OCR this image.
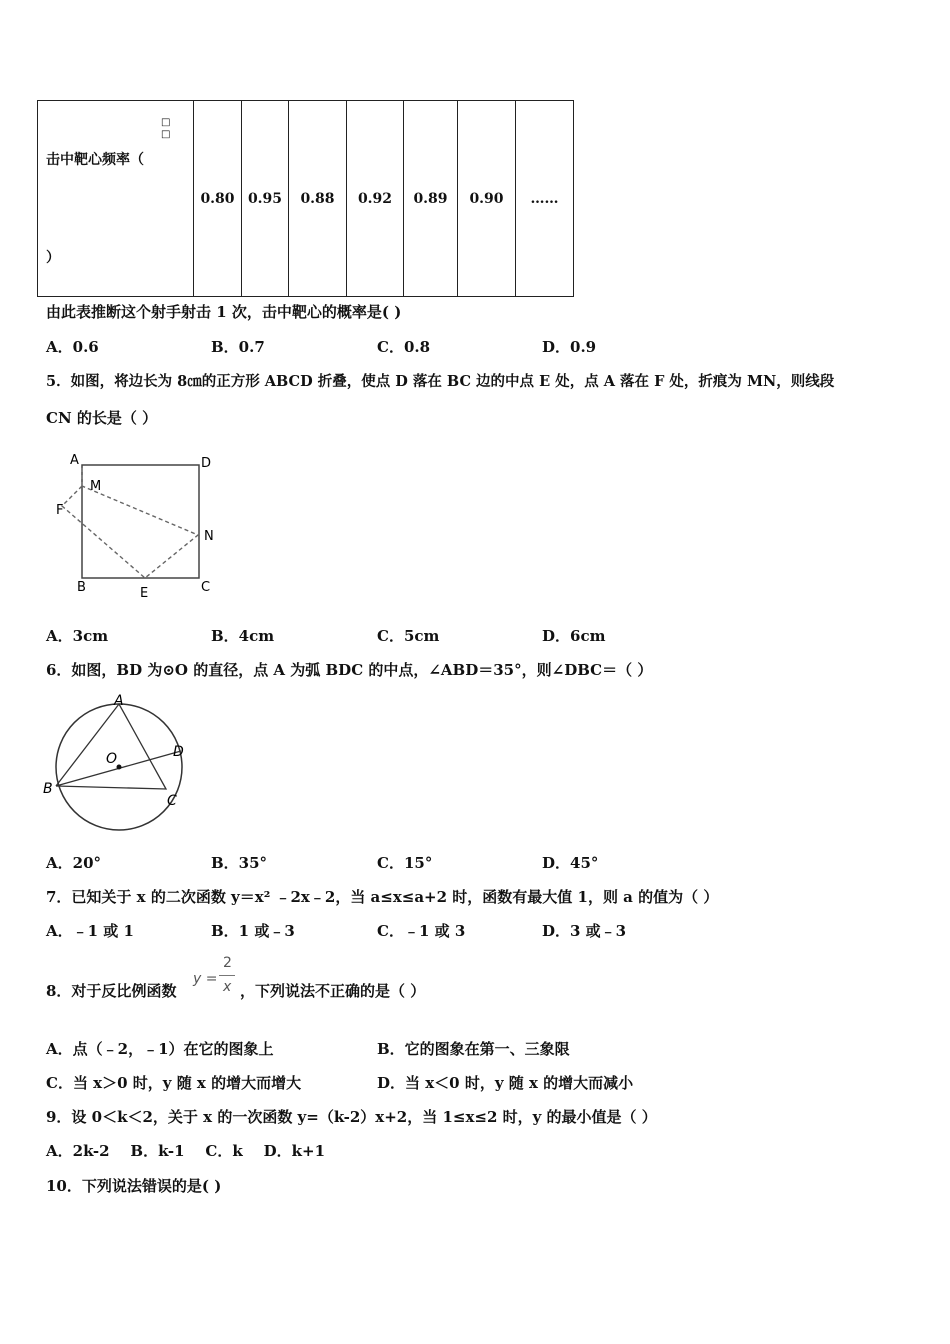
击中靶心频率（
□
□
）
	0.80	0.95	0.88	0.92	0.89	0.90	……
由此表推断这个射手射击 1 次，击中靶心的概率是( )
A．0.6	B．0.7	C．0.8	D．0.9
5．如图，将边长为 8㎝的正方形 ABCD 折叠，使点 D 落在 BC 边的中点 E 处，点 A 落在 F 处，折痕为 MN，则线段
CN 的长是（ ）
A	D
M
F
N
B	E	C
A．3cm	B．4cm	C．5cm	D．6cm
6．如图，BD 为⊙O 的直径，点 A 为弧 BDC 的中点，∠ABD＝35°，则∠DBC＝（ ）
A
O	D
B
C
A．20°	B．35°	C．15°	D．45°
7．已知关于 x 的二次函数 y＝x² ﹣2x﹣2，当 a≤x≤a+2 时，函数有最大值 1，则 a 的值为（ ）
A．﹣1 或 1	B．1 或﹣3	C．﹣1 或 3	D．3 或﹣3
8．对于反比例函数
y =
2
x ，下列说法不正确的是（ ）
A．点（﹣2，﹣1）在它的图象上	B．它的图象在第一、三象限
C．当 x＞0 时，y 随 x 的增大而增大	D．当 x＜0 时，y 随 x 的增大而减小
9．设 0＜k＜2，关于 x 的一次函数 y=（k-2）x+2，当 1≤x≤2 时，y 的最小值是（ ）
A．2k-2    B．k-1    C．k    D．k+1
10．下列说法错误的是( )
